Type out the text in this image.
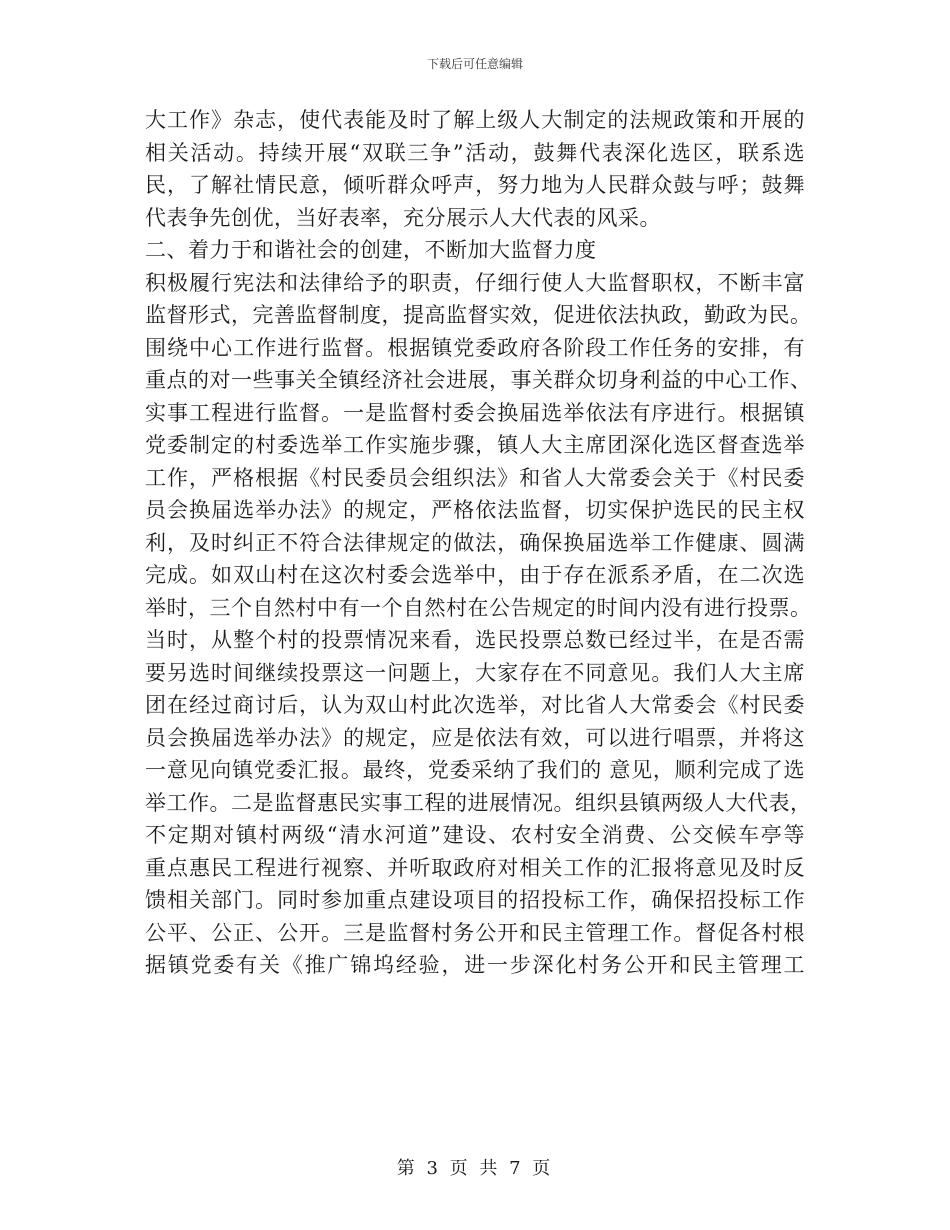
下载后可任意编辑
大工作》杂志，使代表能及时了解上级人大制定的法规政策和开展的
相关活动。持续开展“双联三争”活动，鼓舞代表深化选区，联系选
民，了解社情民意，倾听群众呼声，努力地为人民群众鼓与呼；鼓舞
代表争先创优，当好表率，充分展示人大代表的风采。
二、着力于和谐社会的创建，不断加大监督力度
积极履行宪法和法律给予的职责，仔细行使人大监督职权，不断丰富
监督形式，完善监督制度，提高监督实效，促进依法执政，勤政为民。
围绕中心工作进行监督。根据镇党委政府各阶段工作任务的安排，有
重点的对一些事关全镇经济社会进展，事关群众切身利益的中心工作、
实事工程进行监督。一是监督村委会换届选举依法有序进行。根据镇
党委制定的村委选举工作实施步骤，镇人大主席团深化选区督查选举
工作，严格根据《村民委员会组织法》和省人大常委会关于《村民委
员会换届选举办法》的规定，严格依法监督，切实保护选民的民主权
利，及时纠正不符合法律规定的做法，确保换届选举工作健康、圆满
完成。如双山村在这次村委会选举中，由于存在派系矛盾，在二次选
举时，三个自然村中有一个自然村在公告规定的时间内没有进行投票。
当时，从整个村的投票情况来看，选民投票总数已经过半，在是否需
要另选时间继续投票这一问题上，大家存在不同意见。我们人大主席
团在经过商讨后，认为双山村此次选举，对比省人大常委会《村民委
员会换届选举办法》的规定，应是依法有效，可以进行唱票，并将这
一意见向镇党委汇报。最终，党委采纳了我们的 意见，顺利完成了选
举工作。二是监督惠民实事工程的进展情况。组织县镇两级人大代表，
不定期对镇村两级“清水河道”建设、农村安全消费、公交候车亭等
重点惠民工程进行视察、并听取政府对相关工作的汇报将意见及时反
馈相关部门。同时参加重点建设项目的招投标工作，确保招投标工作
公平、公正、公开。三是监督村务公开和民主管理工作。督促各村根
据镇党委有关《推广锦坞经验，进一步深化村务公开和民主管理工
第 3 页 共 7 页
